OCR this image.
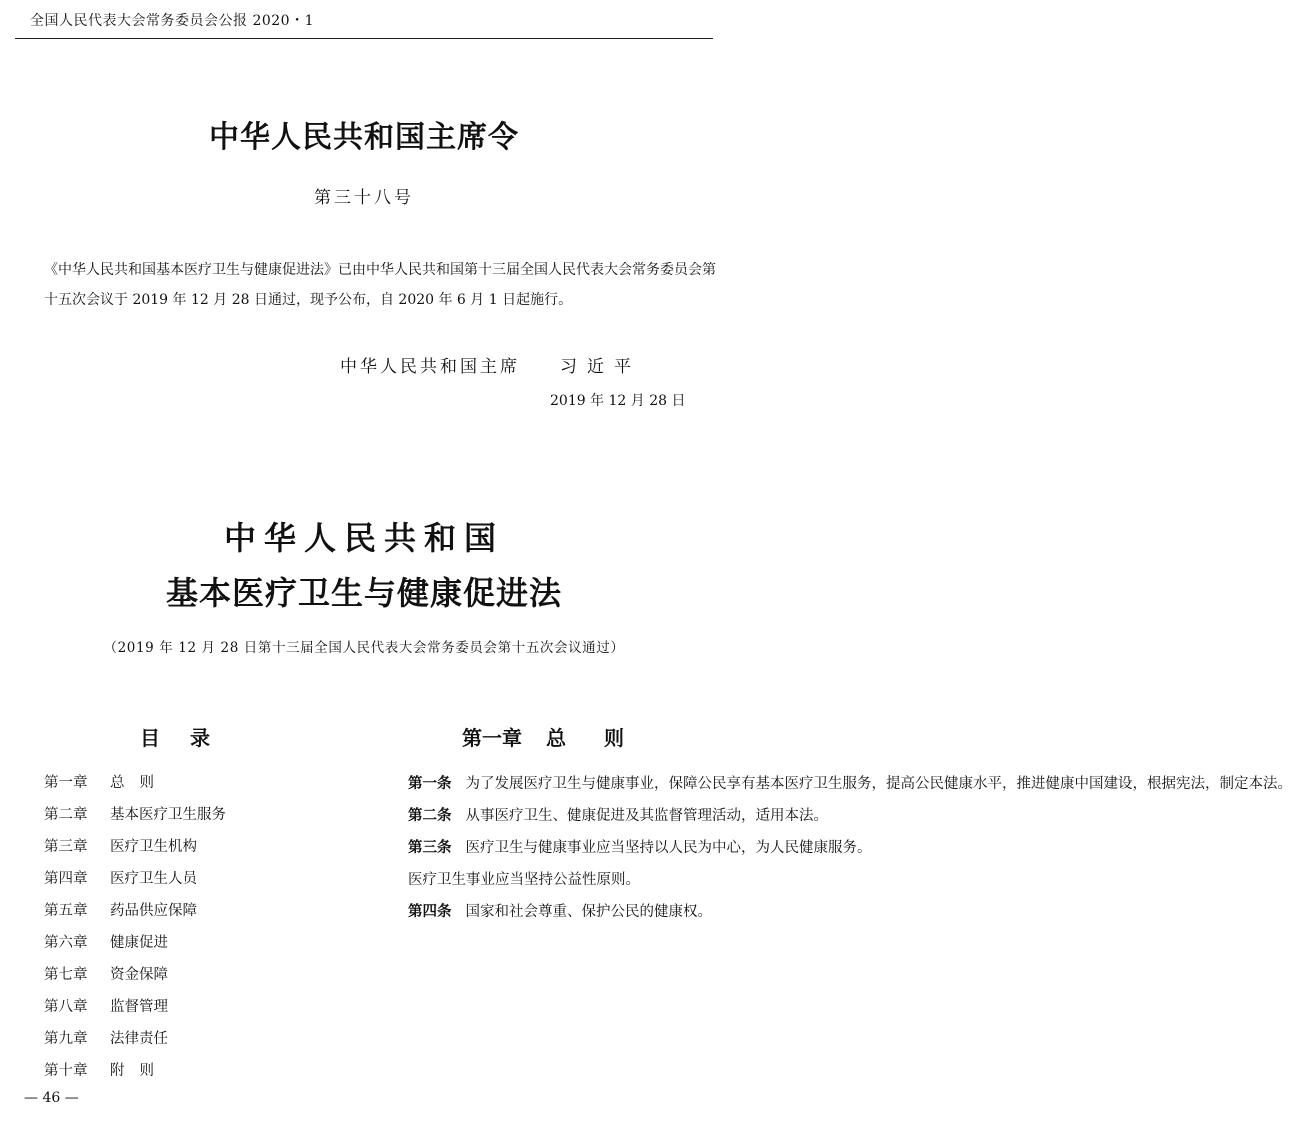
全国人民代表大会常务委员会公报 2020・1
中华人民共和国主席令
第三十八号
《中华人民共和国基本医疗卫生与健康促进法》已由中华人民共和国第十三届全国人民代表大会常务委员会第十五次会议于 2019 年 12 月 28 日通过，现予公布，自 2020 年 6 月 1 日起施行。
中华人民共和国主席 习近平
2019 年 12 月 28 日
中华人民共和国
基本医疗卫生与健康促进法
（2019 年 12 月 28 日第十三届全国人民代表大会常务委员会第十五次会议通过）
目录
第一章 总则
第二章 基本医疗卫生服务
第三章 医疗卫生机构
第四章 医疗卫生人员
第五章 药品供应保障
第六章 健康促进
第七章 资金保障
第八章 监督管理
第九章 法律责任
第十章 附则
第一章 总则

第一条 为了发展医疗卫生与健康事业，保障公民享有基本医疗卫生服务，提高公民健康水平，推进健康中国建设，根据宪法，制定本法。

第二条 从事医疗卫生、健康促进及其监督管理活动，适用本法。

第三条 医疗卫生与健康事业应当坚持以人民为中心，为人民健康服务。

医疗卫生事业应当坚持公益性原则。

第四条 国家和社会尊重、保护公民的健康权。

— 46 —
